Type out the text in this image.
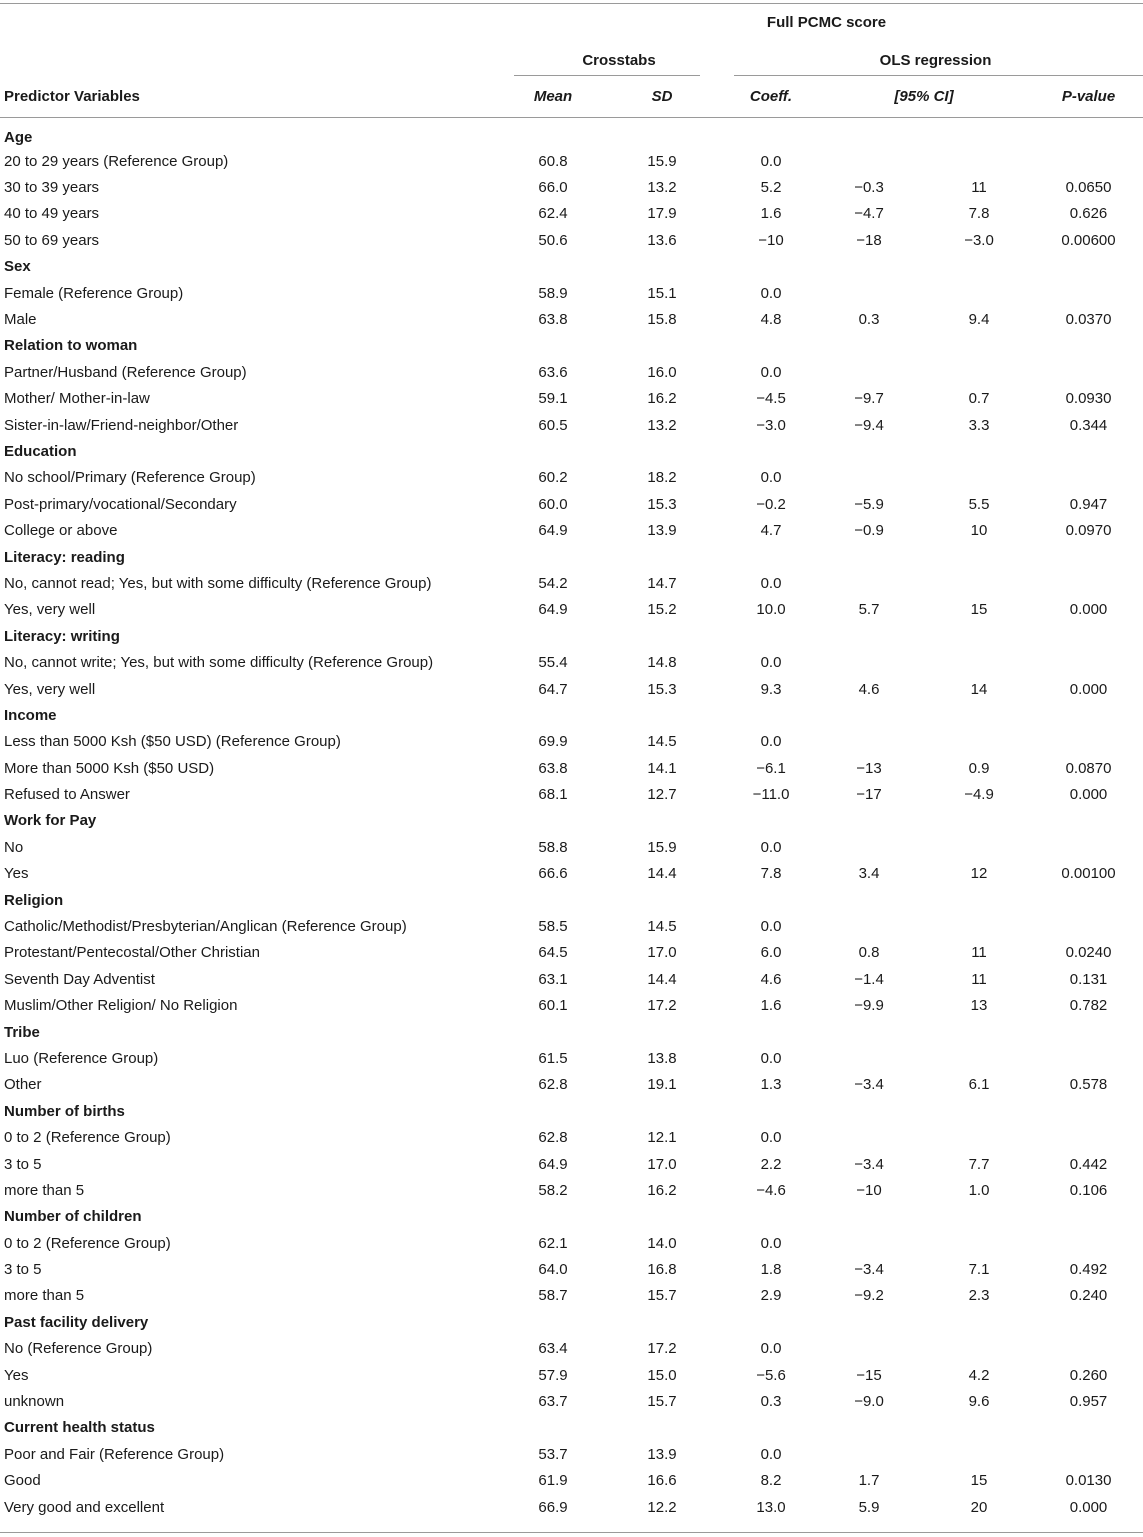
	Full PCMC score					
	Crosstabs		OLS regression			
Predictor Variables	Mean	SD	Coeff.	[95% CI]		P-value
Age						
20 to 29 years (Reference Group)	60.8	15.9	0.0			
30 to 39 years	66.0	13.2	5.2	−0.3	11	0.0650
40 to 49 years	62.4	17.9	1.6	−4.7	7.8	0.626
50 to 69 years	50.6	13.6	−10	−18	−3.0	0.00600
Sex						
Female (Reference Group)	58.9	15.1	0.0			
Male	63.8	15.8	4.8	0.3	9.4	0.0370
Relation to woman						
Partner/Husband (Reference Group)	63.6	16.0	0.0			
Mother/ Mother-in-law	59.1	16.2	−4.5	−9.7	0.7	0.0930
Sister-in-law/Friend-neighbor/Other	60.5	13.2	−3.0	−9.4	3.3	0.344
Education						
No school/Primary (Reference Group)	60.2	18.2	0.0			
Post-primary/vocational/Secondary	60.0	15.3	−0.2	−5.9	5.5	0.947
College or above	64.9	13.9	4.7	−0.9	10	0.0970
Literacy: reading						
No, cannot read; Yes, but with some difficulty (Reference Group)	54.2	14.7	0.0			
Yes, very well	64.9	15.2	10.0	5.7	15	0.000
Literacy: writing						
No, cannot write; Yes, but with some difficulty (Reference Group)	55.4	14.8	0.0			
Yes, very well	64.7	15.3	9.3	4.6	14	0.000
Income						
Less than 5000 Ksh ($50 USD) (Reference Group)	69.9	14.5	0.0			
More than 5000 Ksh ($50 USD)	63.8	14.1	−6.1	−13	0.9	0.0870
Refused to Answer	68.1	12.7	−11.0	−17	−4.9	0.000
Work for Pay						
No	58.8	15.9	0.0			
Yes	66.6	14.4	7.8	3.4	12	0.00100
Religion						
Catholic/Methodist/Presbyterian/Anglican (Reference Group)	58.5	14.5	0.0			
Protestant/Pentecostal/Other Christian	64.5	17.0	6.0	0.8	11	0.0240
Seventh Day Adventist	63.1	14.4	4.6	−1.4	11	0.131
Muslim/Other Religion/ No Religion	60.1	17.2	1.6	−9.9	13	0.782
Tribe						
Luo (Reference Group)	61.5	13.8	0.0			
Other	62.8	19.1	1.3	−3.4	6.1	0.578
Number of births						
0 to 2 (Reference Group)	62.8	12.1	0.0			
3 to 5	64.9	17.0	2.2	−3.4	7.7	0.442
more than 5	58.2	16.2	−4.6	−10	1.0	0.106
Number of children						
0 to 2 (Reference Group)	62.1	14.0	0.0			
3 to 5	64.0	16.8	1.8	−3.4	7.1	0.492
more than 5	58.7	15.7	2.9	−9.2	2.3	0.240
Past facility delivery						
No (Reference Group)	63.4	17.2	0.0			
Yes	57.9	15.0	−5.6	−15	4.2	0.260
unknown	63.7	15.7	0.3	−9.0	9.6	0.957
Current health status						
Poor and Fair (Reference Group)	53.7	13.9	0.0			
Good	61.9	16.6	8.2	1.7	15	0.0130
Very good and excellent	66.9	12.2	13.0	5.9	20	0.000
